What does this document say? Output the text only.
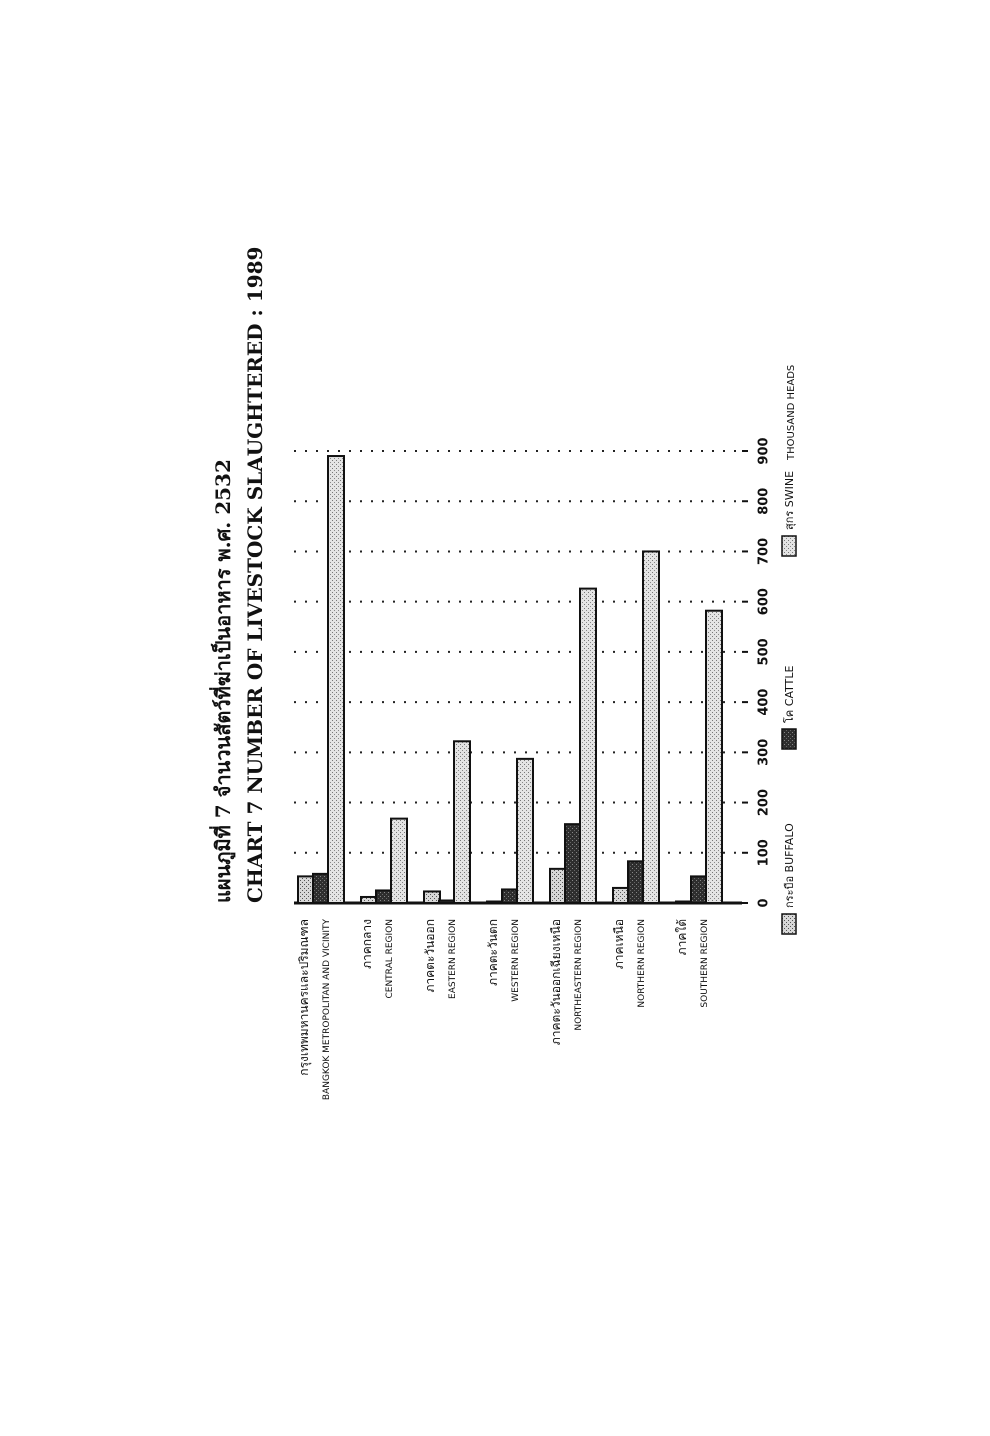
แผนภูมิที่ 7 จำนวนสัตว์ที่ฆ่าเป็นอาหาร พ.ศ. 2532 CHART 7 NUMBER OF LIVESTOCK SLAUGHTERED : 1989	THOUSAND HEADS
0
100
200
300
400
500
600
700
800
900
กรุงเทพมหานครและปริมณฑล BANGKOK METROPOLITAN AND VICINITY ภาคกลาง CENTRAL REGION ภาคตะวันออก EASTERN REGION ภาคตะวันตก WESTERN REGION ภาคตะวันออกเฉียงเหนือ NORTHEASTERN REGION ภาคเหนือ NORTHERN REGION ภาคใต้ SOUTHERN REGION
กระบือ BUFFALO
โค CATTLE
สุกร SWINE
